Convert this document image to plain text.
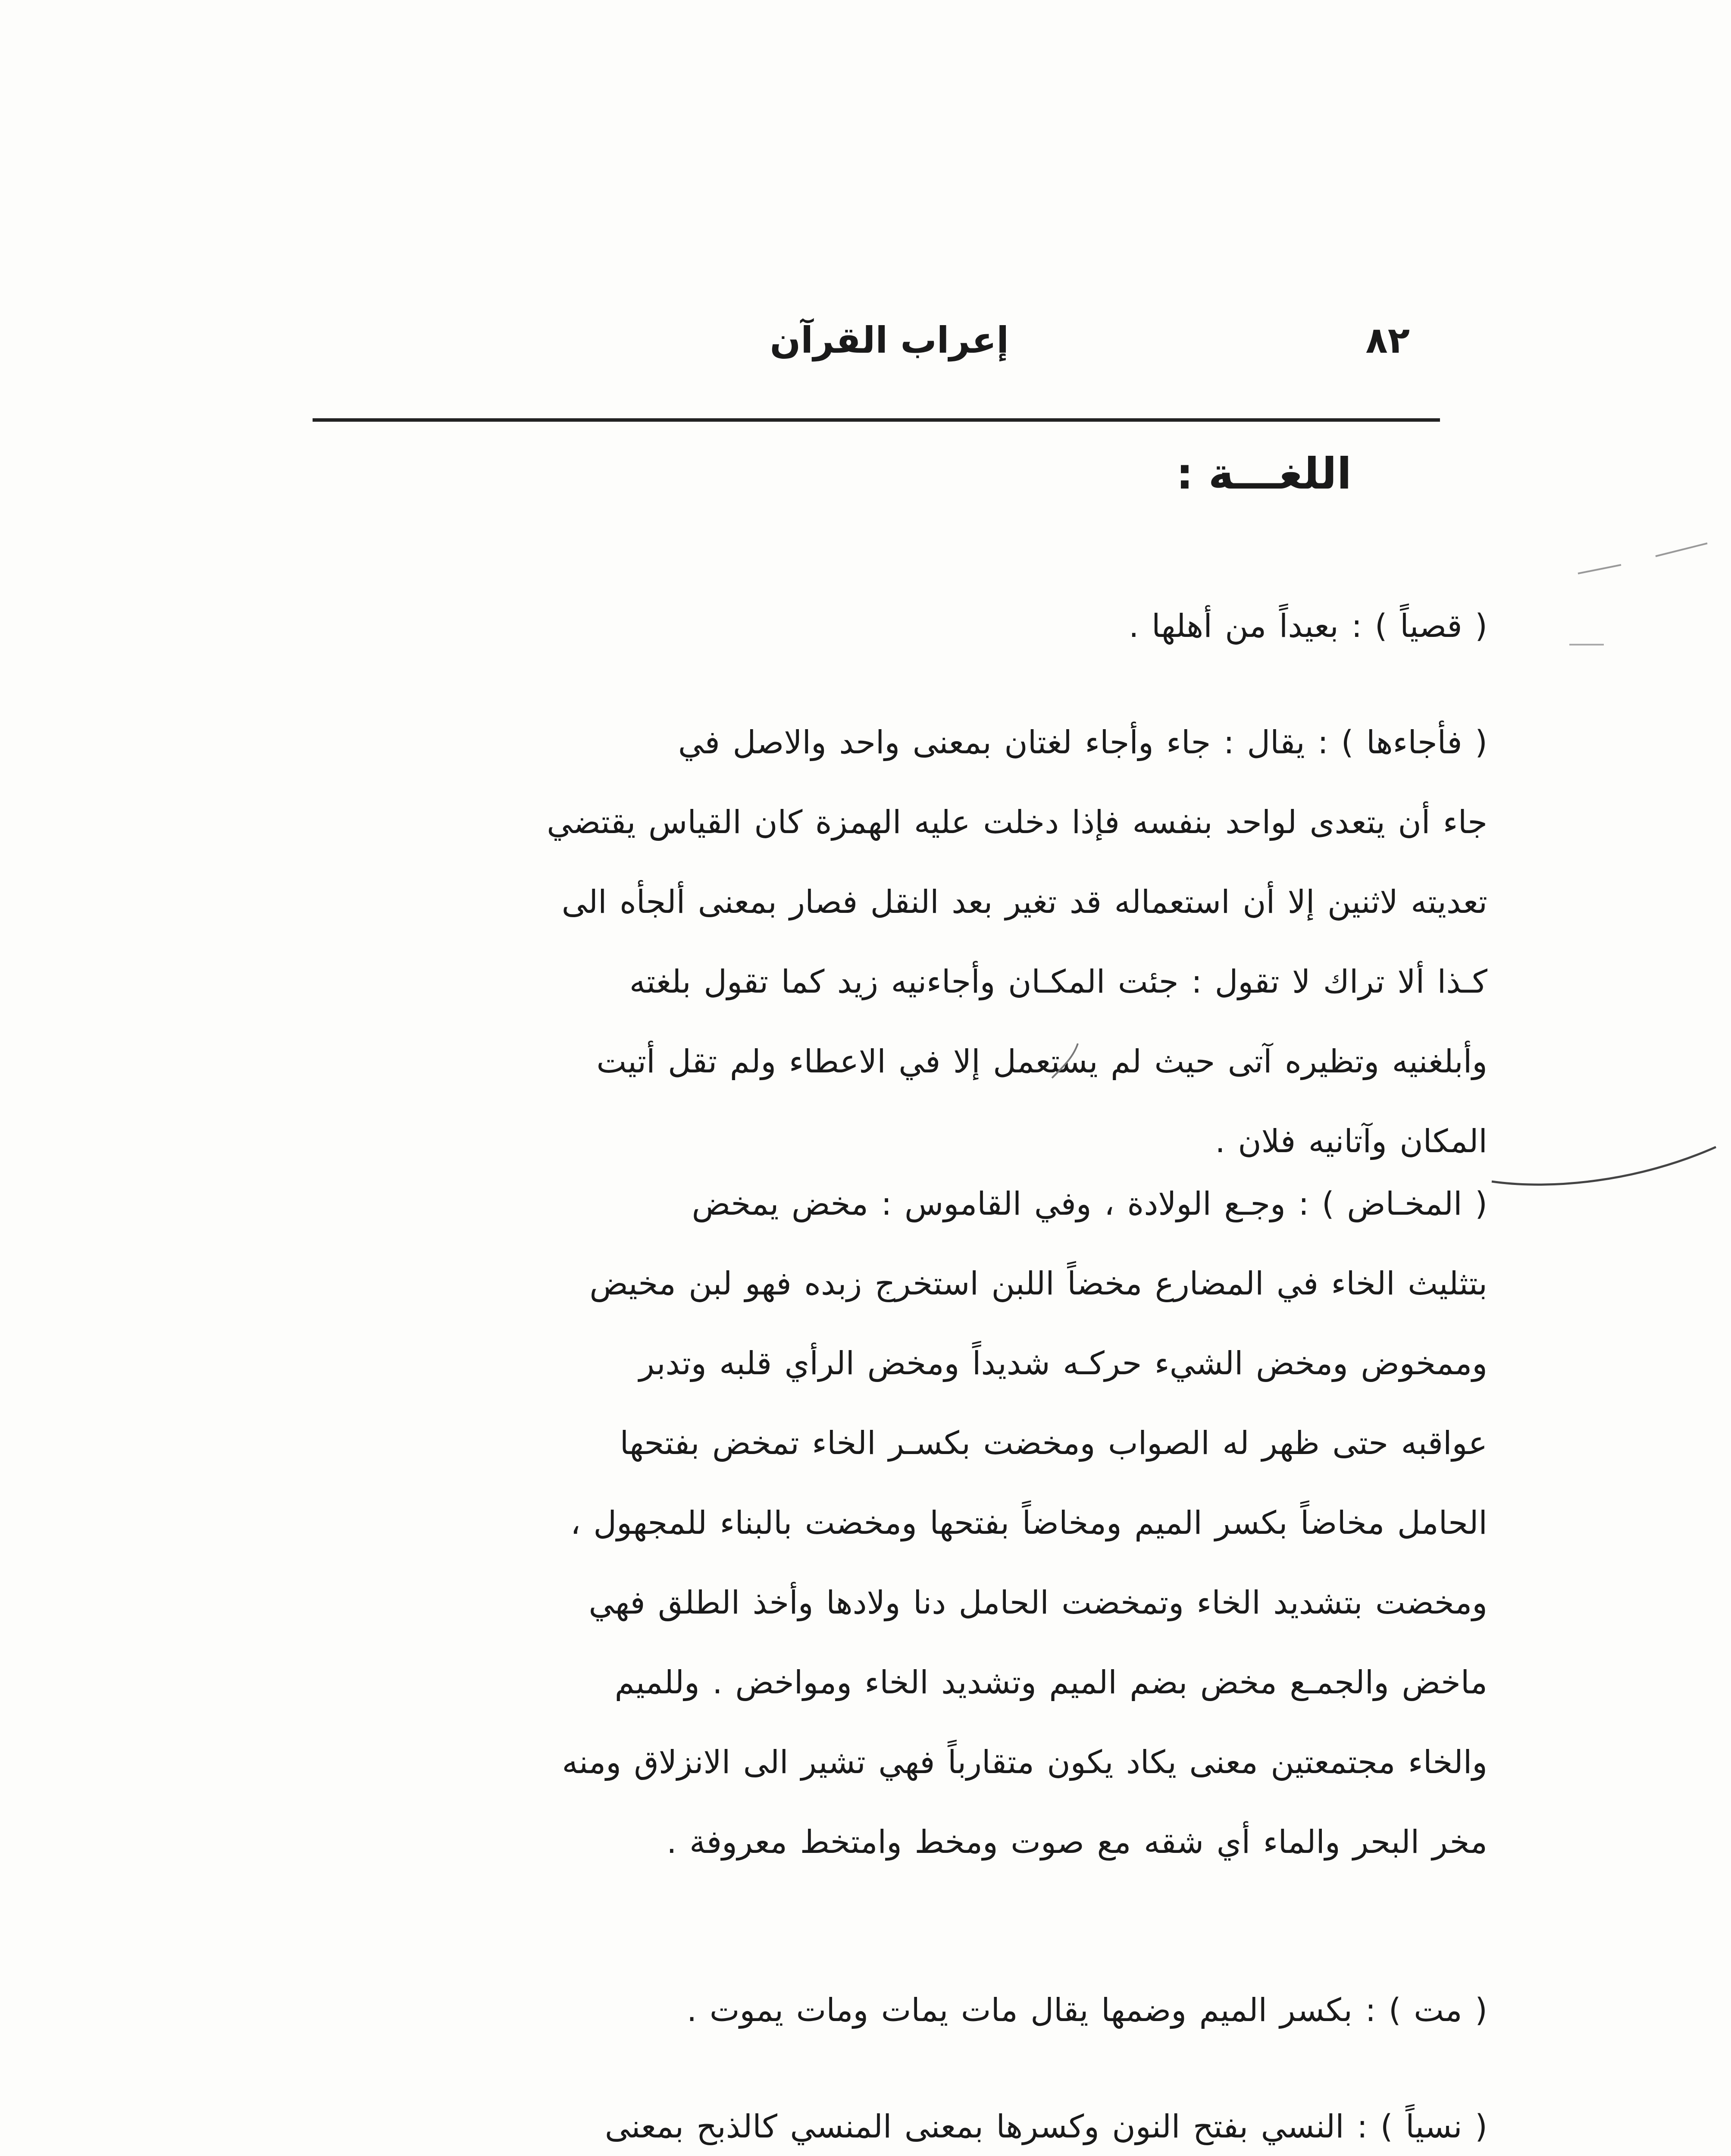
٨٢
إعراب القرآن
اللغـــة :
( قصياً ) : بعيداً من أهلها .
( فأجاءها ) : يقال : جاء وأجاء لغتان بمعنى واحد والاصل في
جاء أن يتعدى لواحد بنفسه فإذا دخلت عليه الهمزة كان القياس يقتضي
تعديته لاثنين إلا أن استعماله قد تغير بعد النقل فصار بمعنى ألجأه الى
كـذا ألا تراك لا تقول : جئت المكـان وأجاءنيه زيد كما تقول بلغته
وأبلغنيه وتظيره آتى حيث لم يستعمل إلا في الاعطاء ولم تقل أتيت
المكان وآتانيه فلان .
( المخـاض ) : وجـع الولادة ، وفي القاموس : مخض يمخض
بتثليث الخاء في المضارع مخضاً اللبن استخرج زبده فهو لبن مخيض
وممخوض ومخض الشيء حركـه شديداً ومخض الرأي قلبه وتدبر
عواقبه حتى ظهر له الصواب ومخضت بكسـر الخاء تمخض بفتحها
الحامل مخاضاً بكسر الميم ومخاضاً بفتحها ومخضت بالبناء للمجهول ،
ومخضت بتشديد الخاء وتمخضت الحامل دنا ولادها وأخذ الطلق فهي
ماخض والجمـع مخض بضم الميم وتشديد الخاء ومواخض . وللميم
والخاء مجتمعتين معنى يكاد يكون متقارباً فهي تشير الى الانزلاق ومنه
مخر البحر والماء أي شقه مع صوت ومخط وامتخط معروفة .
( مت ) : بكسر الميم وضمها يقال مات يمات ومات يموت .
( نسياً ) : النسي بفتح النون وكسرها بمعنى المنسي كالذبح بمعنى
